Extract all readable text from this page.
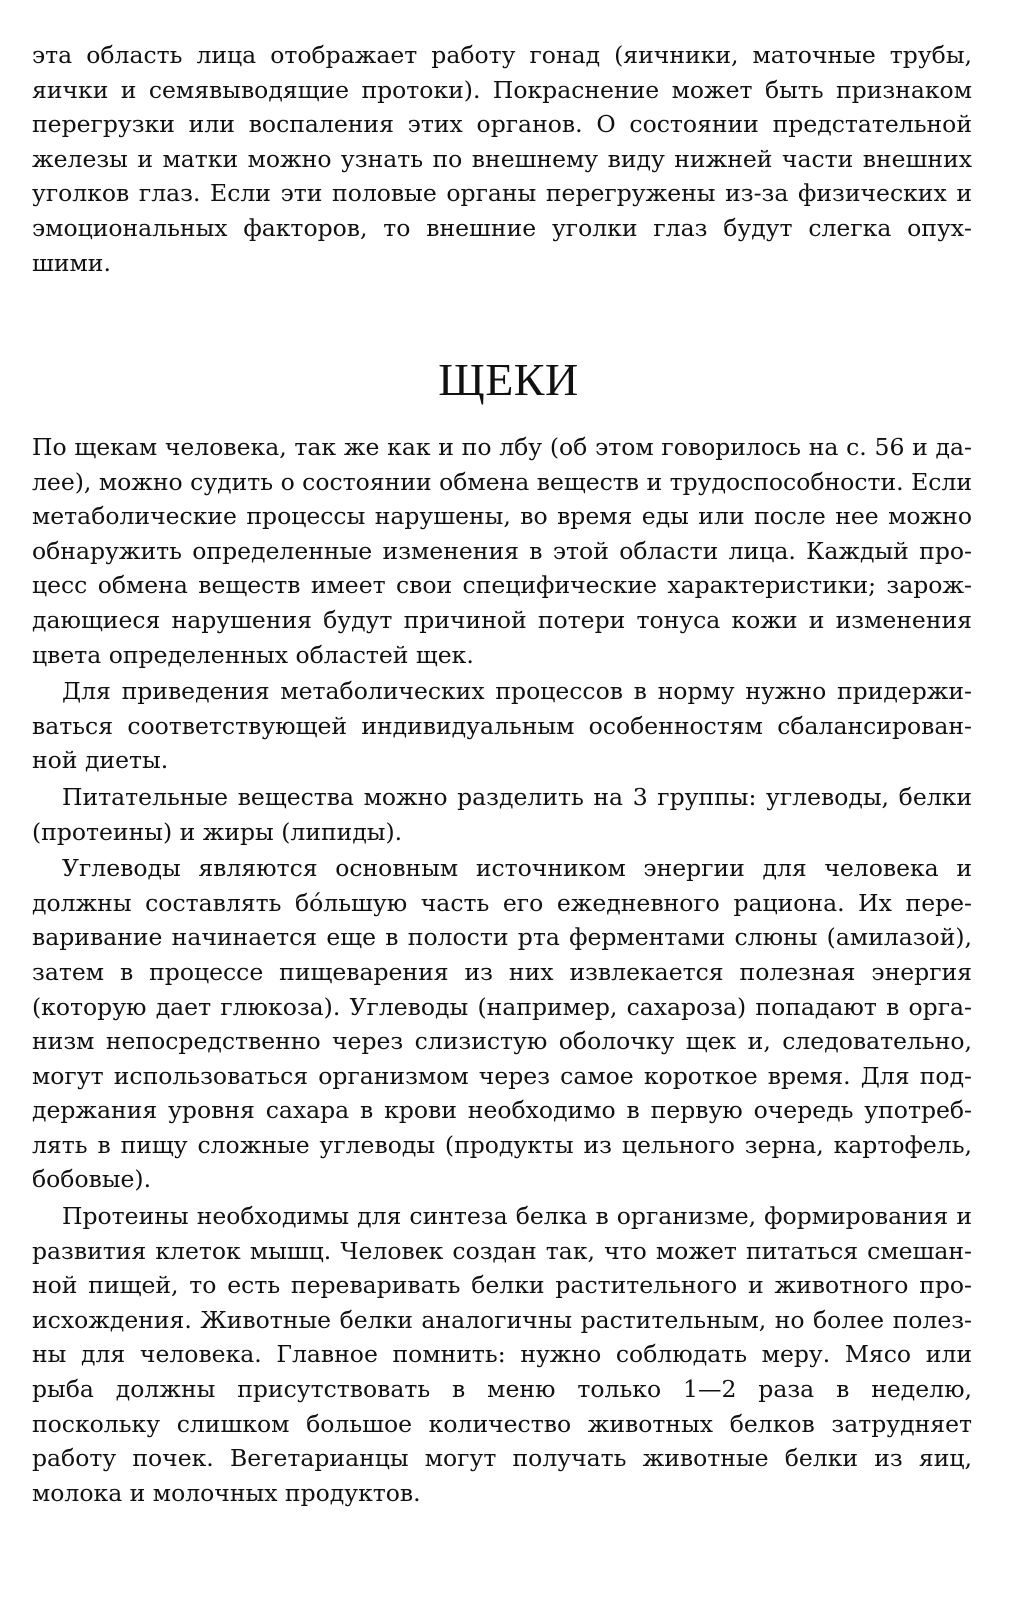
эта область лица отображает работу гонад (яичники, маточные трубы, яички и семявыводящие протоки). Покраснение может быть признаком перегрузки или воспаления этих органов. О состоянии предстательной железы и матки можно узнать по внешнему виду нижней части внешних уголков глаз. Если эти половые органы перегружены из-за физических и эмоциональных факторов, то внешние уголки глаз будут слегка опухшими.

ЩЕКИ

По щекам человека, так же как и по лбу (об этом говорилось на с. 56 и далее), можно судить о состоянии обмена веществ и трудоспособности. Если метаболические процессы нарушены, во время еды или после нее можно обнаружить определенные изменения в этой области лица. Каждый процесс обмена веществ имеет свои специфические характеристики; зарождающиеся нарушения будут причиной потери тонуса кожи и изменения цвета определенных областей щек.

Для приведения метаболических процессов в норму нужно придерживаться соответствующей индивидуальным особенностям сбалансированной диеты.

Питательные вещества можно разделить на 3 группы: углеводы, белки (протеины) и жиры (липиды).

Углеводы являются основным источником энергии для человека и должны составлять бóльшую часть его ежедневного рациона. Их переваривание начинается еще в полости рта ферментами слюны (амилазой), затем в процессе пищеварения из них извлекается полезная энергия (которую дает глюкоза). Углеводы (например, сахароза) попадают в организм непосредственно через слизистую оболочку щек и, следовательно, могут использоваться организмом через самое короткое время. Для поддержания уровня сахара в крови необходимо в первую очередь употреблять в пищу сложные углеводы (продукты из цельного зерна, картофель, бобовые).

Протеины необходимы для синтеза белка в организме, формирования и развития клеток мышц. Человек создан так, что может питаться смешанной пищей, то есть переваривать белки растительного и животного происхождения. Животные белки аналогичны растительным, но более полезны для человека. Главное помнить: нужно соблюдать меру. Мясо или рыба должны присутствовать в меню только 1—2 раза в неделю, поскольку слишком большое количество животных белков затрудняет работу почек. Вегетарианцы могут получать животные белки из яиц, молока и молочных продуктов.
